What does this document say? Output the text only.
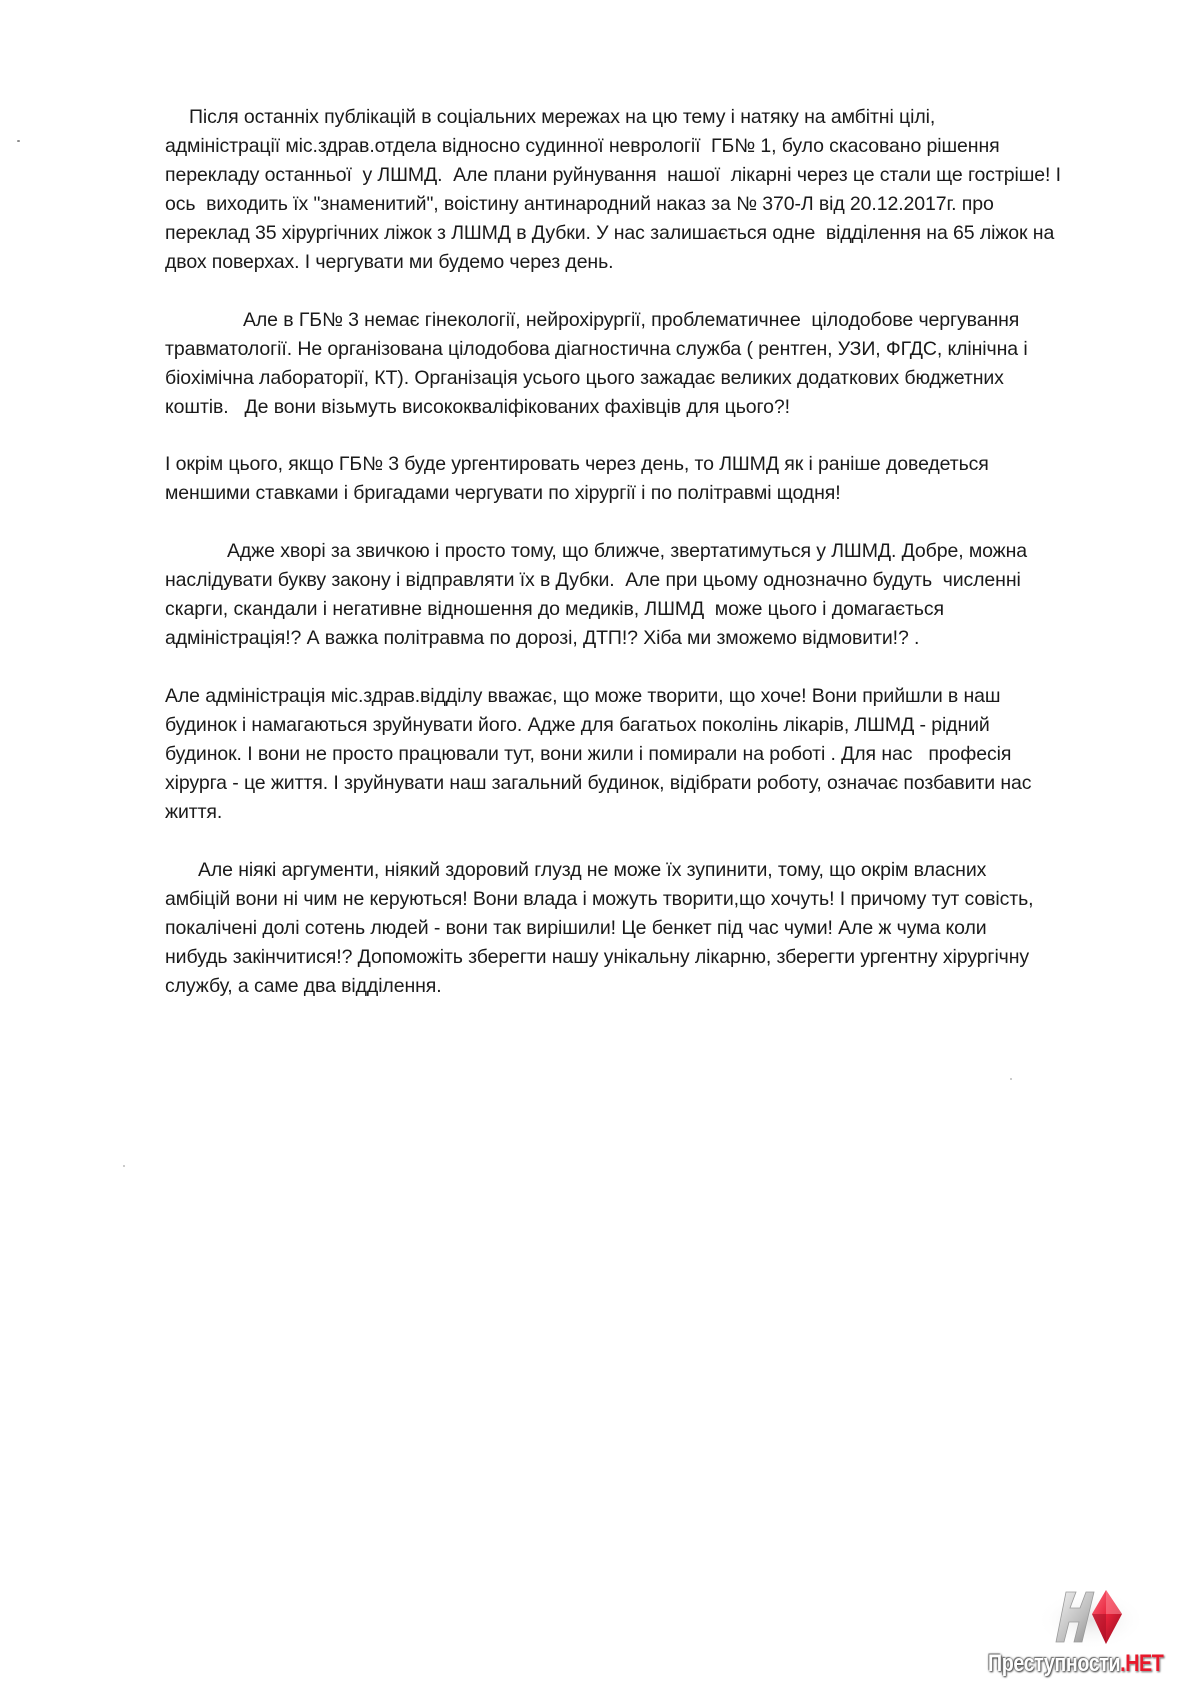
Після останніх публікацій в соціальних мережах на цю тему і натяку на амбітні цілі,
адміністрації міс.здрав.отдела відносно судинної неврології  ГБ№ 1, було скасовано рішення
перекладу останньої  у ЛШМД.  Але плани руйнування  нашої  лікарні через це стали ще гостріше! І
ось  виходить їх "знаменитий", воістину антинародний наказ за № 370-Л від 20.12.2017г. про
переклад 35 хірургічних ліжок з ЛШМД в Дубки. У нас залишається одне  відділення на 65 ліжок на
двох поверхах. І чергувати ми будемо через день.

Але в ГБ№ 3 немає гінекології, нейрохірургії, проблематичнее  цілодобове чергування
травматології. Не організована цілодобова діагностична служба ( рентген, УЗИ, ФГДС, клінічна і
біохімічна лабораторії, КТ). Організація усього цього зажадає великих додаткових бюджетних
коштів.   Де вони візьмуть висококваліфікованих фахівців для цього?!

І окрім цього, якщо ГБ№ 3 буде ургентировать через день, то ЛШМД як і раніше доведеться
меншими ставками і бригадами чергувати по хірургії і по політравмі щодня!

Адже хворі за звичкою і просто тому, що ближче, звертатимуться у ЛШМД. Добре, можна
наслідувати букву закону і відправляти їх в Дубки.  Але при цьому однозначно будуть  численні
скарги, скандали і негативне відношення до медиків, ЛШМД  може цього і домагається
адміністрація!? А важка політравма по дорозі, ДТП!? Хіба ми зможемо відмовити!? .

Але адміністрація міс.здрав.відділу вважає, що може творити, що хоче! Вони прийшли в наш
будинок і намагаються зруйнувати його. Адже для багатьох поколінь лікарів, ЛШМД - рідний
будинок. І вони не просто працювали тут, вони жили і помирали на роботі . Для нас   професія
хірурга - це життя. І зруйнувати наш загальний будинок, відібрати роботу, означає позбавити нас
життя.

Але ніякі аргументи, ніякий здоровий глузд не може їх зупинити, тому, що окрім власних
амбіцій вони ні чим не керуються! Вони влада і можуть творити,що хочуть! І причому тут совість,
покалічені долі сотень людей - вони так вирішили! Це бенкет під час чуми! Але ж чума коли
нибудь закінчитися!? Допоможіть зберегти нашу унікальну лікарню, зберегти ургентну хірургічну
службу, а саме два відділення.

Преступности.НЕТ
